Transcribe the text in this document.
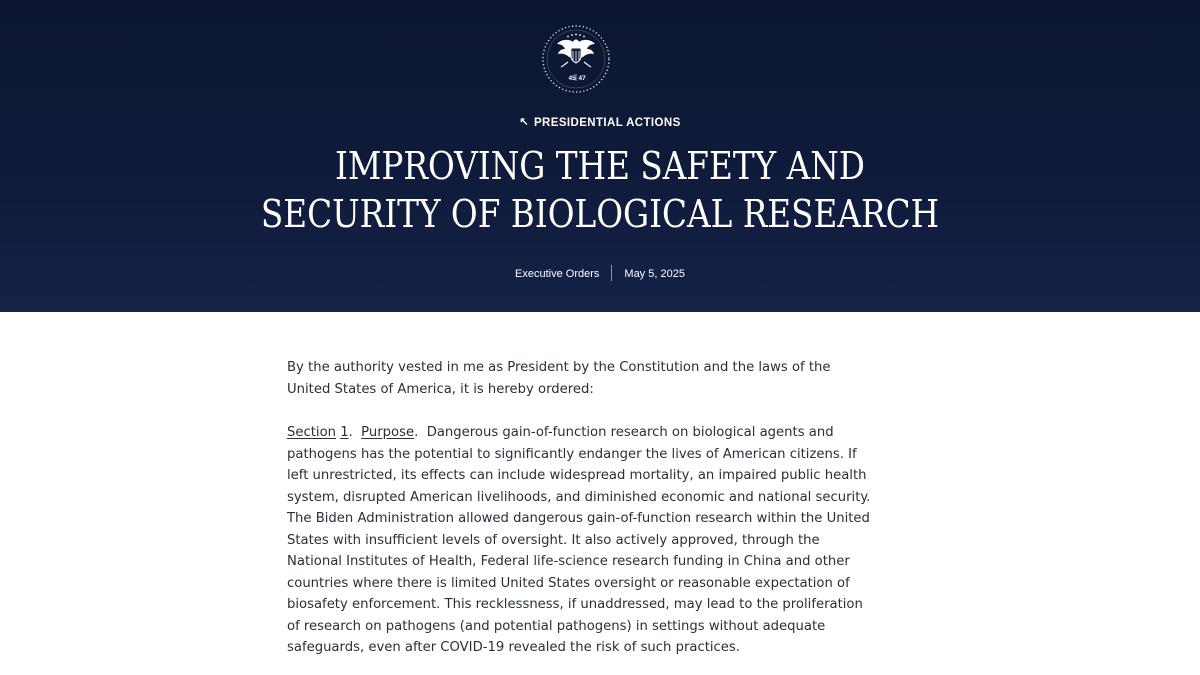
45 47
↖ PRESIDENTIAL ACTIONS
IMPROVING THE SAFETY AND
SECURITY OF BIOLOGICAL RESEARCH
Executive Orders May 5, 2025

By the authority vested in me as President by the Constitution and the laws of the United States of America, it is hereby ordered:

Section 1.  Purpose.  Dangerous gain-of-function research on biological agents and pathogens has the potential to significantly endanger the lives of American citizens. If left unrestricted, its effects can include widespread mortality, an impaired public health system, disrupted American livelihoods, and diminished economic and national security.

The Biden Administration allowed dangerous gain-of-function research within the United States with insufficient levels of oversight. It also actively approved, through the National Institutes of Health, Federal life-science research funding in China and other countries where there is limited United States oversight or reasonable expectation of biosafety enforcement. This recklessness, if unaddressed, may lead to the proliferation of research on pathogens (and potential pathogens) in settings without adequate safeguards, even after COVID-19 revealed the risk of such practices.
